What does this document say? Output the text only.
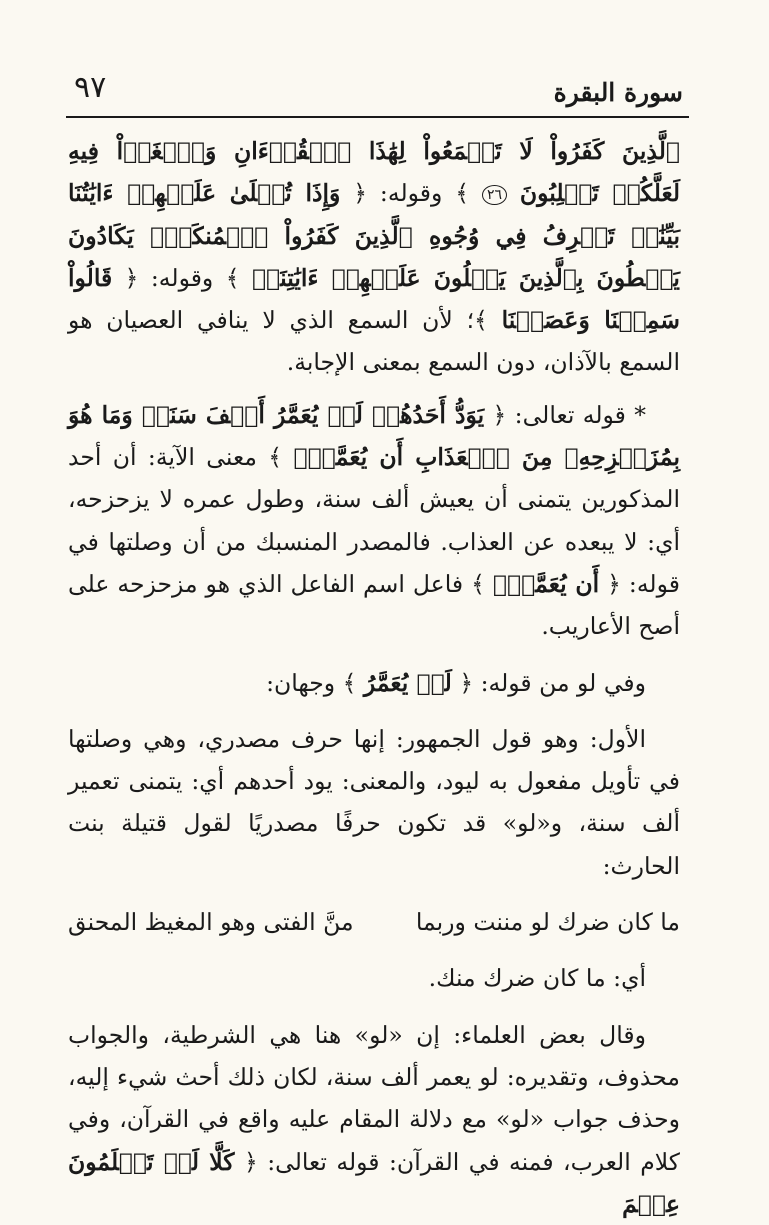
٩٧	سورة البقرة

ٱلَّذِينَ كَفَرُواْ لَا تَسۡمَعُواْ لِهَٰذَا ٱلۡقُرۡءَانِ وَٱلۡغَوۡاْ فِيهِ لَعَلَّكُمۡ تَغۡلِبُونَ ٢٦ ﴾ وقوله: ﴿ وَإِذَا تُتۡلَىٰ عَلَيۡهِمۡ ءَايَٰتُنَا بَيِّنَٰتٖ تَعۡرِفُ فِي وُجُوهِ ٱلَّذِينَ كَفَرُواْ ٱلۡمُنكَرَۖ يَكَادُونَ يَسۡطُونَ بِٱلَّذِينَ يَتۡلُونَ عَلَيۡهِمۡ ءَايَٰتِنَاۗ ﴾ وقوله: ﴿ قَالُواْ سَمِعۡنَا وَعَصَيۡنَا ﴾؛ لأن السمع الذي لا ينافي العصيان هو السمع بالآذان، دون السمع بمعنى الإجابة.

* قوله تعالى: ﴿ يَوَدُّ أَحَدُهُمۡ لَوۡ يُعَمَّرُ أَلۡفَ سَنَةٖ وَمَا هُوَ بِمُزَحۡزِحِهِۦ مِنَ ٱلۡعَذَابِ أَن يُعَمَّرَۗ ﴾ معنى الآية: أن أحد المذكورين يتمنى أن يعيش ألف سنة، وطول عمره لا يزحزحه، أي: لا يبعده عن العذاب. فالمصدر المنسبك من أن وصلتها في قوله: ﴿ أَن يُعَمَّرَۗ ﴾ فاعل اسم الفاعل الذي هو مزحزحه على أصح الأعاريب.

وفي لو من قوله: ﴿ لَوۡ يُعَمَّرُ ﴾ وجهان:

الأول: وهو قول الجمهور: إنها حرف مصدري، وهي وصلتها في تأويل مفعول به ليود، والمعنى: يود أحدهم أي: يتمنى تعمير ألف سنة، و«لو» قد تكون حرفًا مصدريًا لقول قتيلة بنت الحارث:

ما كان ضرك لو مننت وربما
منَّ الفتى وهو المغيظ المحنق

أي: ما كان ضرك منك.

وقال بعض العلماء: إن «لو» هنا هي الشرطية، والجواب محذوف، وتقديره: لو يعمر ألف سنة، لكان ذلك أحث شيء إليه، وحذف جواب «لو» مع دلالة المقام عليه واقع في القرآن، وفي كلام العرب، فمنه في القرآن: قوله تعالى: ﴿ كَلَّا لَوۡ تَعۡلَمُونَ عِلۡمَ
